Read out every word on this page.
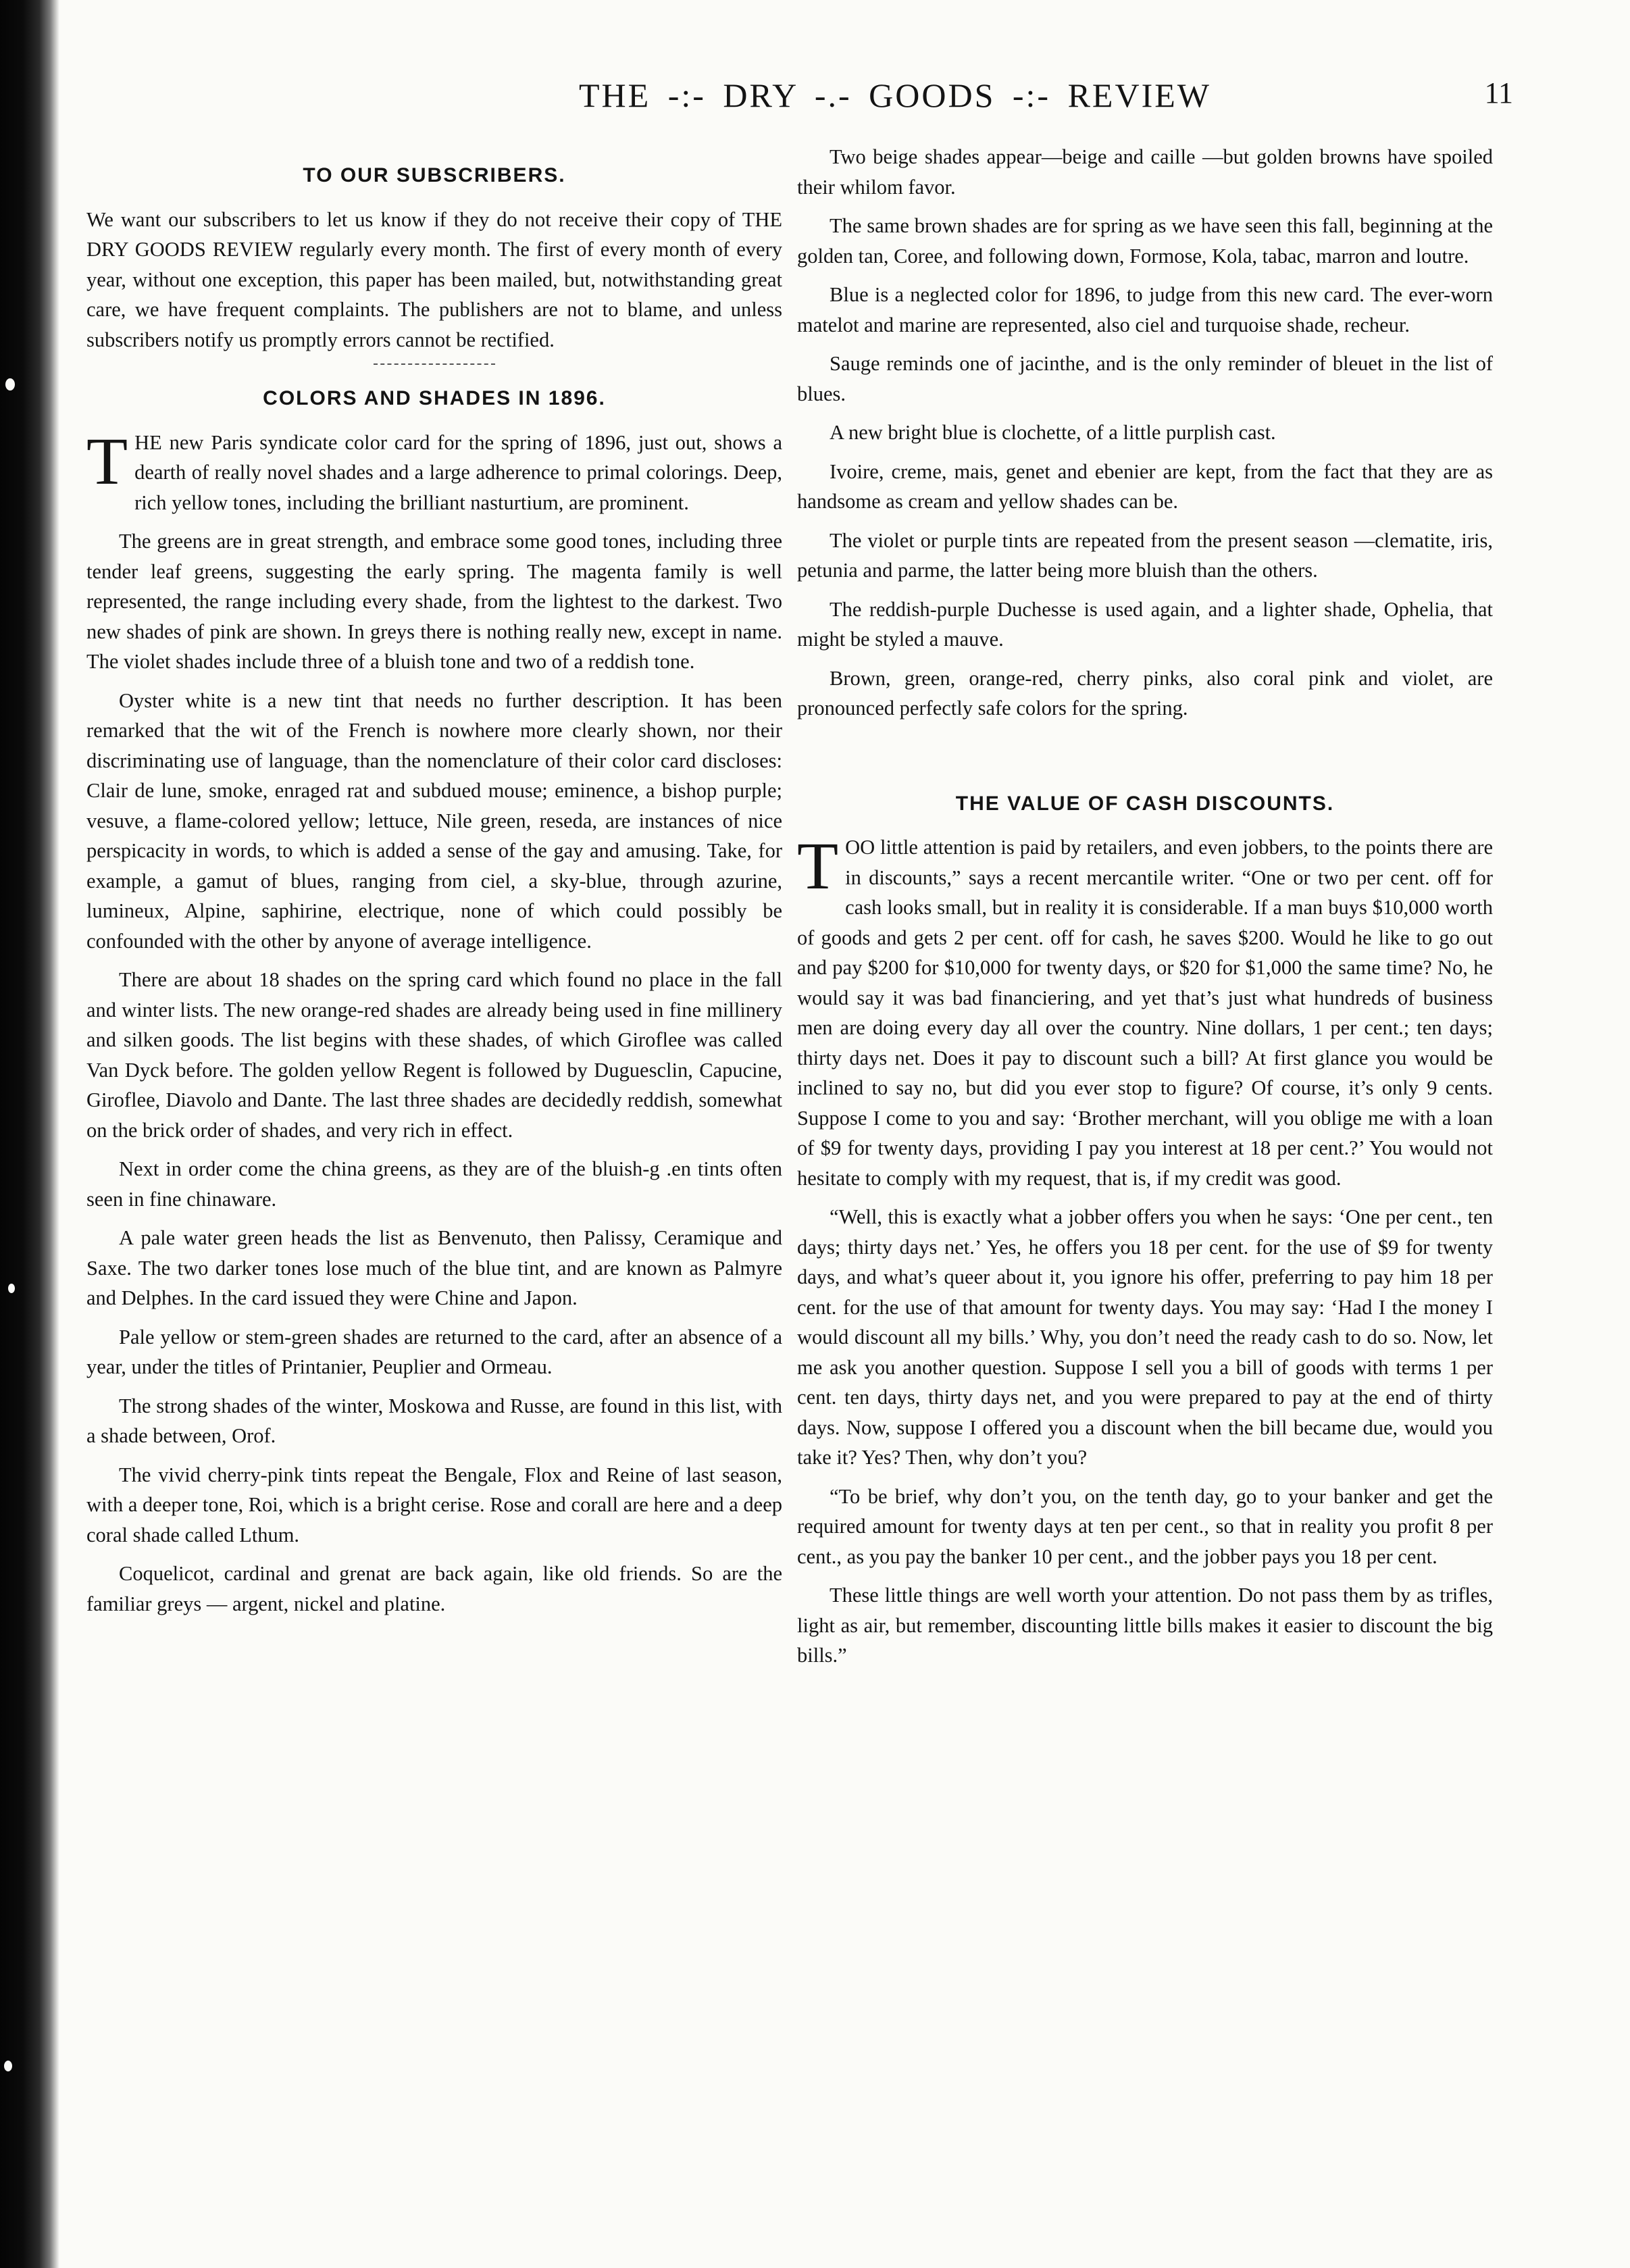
THE -:- DRY -.- GOODS -:- REVIEW	11
TO OUR SUBSCRIBERS.

We want our subscribers to let us know if they do not receive their copy of THE DRY GOODS REVIEW regularly every month. The first of every month of every year, without one exception, this paper has been mailed, but, notwithstanding great care, we have frequent complaints. The publishers are not to blame, and unless subscribers notify us promptly errors cannot be rectified.

COLORS AND SHADES IN 1896.

THE new Paris syndicate color card for the spring of 1896, just out, shows a dearth of really novel shades and a large adherence to primal colorings. Deep, rich yellow tones, including the brilliant nasturtium, are prominent.

The greens are in great strength, and embrace some good tones, including three tender leaf greens, suggesting the early spring. The magenta family is well represented, the range including every shade, from the lightest to the darkest. Two new shades of pink are shown. In greys there is nothing really new, except in name. The violet shades include three of a bluish tone and two of a reddish tone.

Oyster white is a new tint that needs no further description. It has been remarked that the wit of the French is nowhere more clearly shown, nor their discriminating use of language, than the nomenclature of their color card discloses: Clair de lune, smoke, enraged rat and subdued mouse; eminence, a bishop purple; vesuve, a flame-colored yellow; lettuce, Nile green, reseda, are instances of nice perspicacity in words, to which is added a sense of the gay and amusing. Take, for example, a gamut of blues, ranging from ciel, a sky-blue, through azurine, lumineux, Alpine, saphirine, electrique, none of which could possibly be confounded with the other by anyone of average intelligence.

There are about 18 shades on the spring card which found no place in the fall and winter lists. The new orange-red shades are already being used in fine millinery and silken goods. The list begins with these shades, of which Giroflee was called Van Dyck before. The golden yellow Regent is followed by Duguesclin, Capucine, Giroflee, Diavolo and Dante. The last three shades are decidedly reddish, somewhat on the brick order of shades, and very rich in effect.

Next in order come the china greens, as they are of the bluish-g .en tints often seen in fine chinaware.

A pale water green heads the list as Benvenuto, then Palissy, Ceramique and Saxe. The two darker tones lose much of the blue tint, and are known as Palmyre and Delphes. In the card issued they were Chine and Japon.

Pale yellow or stem-green shades are returned to the card, after an absence of a year, under the titles of Printanier, Peuplier and Ormeau.

The strong shades of the winter, Moskowa and Russe, are found in this list, with a shade between, Orof.

The vivid cherry-pink tints repeat the Bengale, Flox and Reine of last season, with a deeper tone, Roi, which is a bright cerise. Rose and corall are here and a deep coral shade called Lthum.

Coquelicot, cardinal and grenat are back again, like old friends. So are the familiar greys — argent, nickel and platine.

Two beige shades appear—beige and caille —but golden browns have spoiled their whilom favor.

The same brown shades are for spring as we have seen this fall, beginning at the golden tan, Coree, and following down, Formose, Kola, tabac, marron and loutre.

Blue is a neglected color for 1896, to judge from this new card. The ever-worn matelot and marine are represented, also ciel and turquoise shade, recheur.

Sauge reminds one of jacinthe, and is the only reminder of bleuet in the list of blues.

A new bright blue is clochette, of a little purplish cast.

Ivoire, creme, mais, genet and ebenier are kept, from the fact that they are as handsome as cream and yellow shades can be.

The violet or purple tints are repeated from the present season —clematite, iris, petunia and parme, the latter being more bluish than the others.

The reddish-purple Duchesse is used again, and a lighter shade, Ophelia, that might be styled a mauve.

Brown, green, orange-red, cherry pinks, also coral pink and violet, are pronounced perfectly safe colors for the spring.

THE VALUE OF CASH DISCOUNTS.

TOO little attention is paid by retailers, and even jobbers, to the points there are in discounts,” says a recent mercantile writer. “One or two per cent. off for cash looks small, but in reality it is considerable. If a man buys $10,000 worth of goods and gets 2 per cent. off for cash, he saves $200. Would he like to go out and pay $200 for $10,000 for twenty days, or $20 for $1,000 the same time? No, he would say it was bad financiering, and yet that’s just what hundreds of business men are doing every day all over the country. Nine dollars, 1 per cent.; ten days; thirty days net. Does it pay to discount such a bill? At first glance you would be inclined to say no, but did you ever stop to figure? Of course, it’s only 9 cents. Suppose I come to you and say: ‘Brother merchant, will you oblige me with a loan of $9 for twenty days, providing I pay you interest at 18 per cent.?’ You would not hesitate to comply with my request, that is, if my credit was good.

“Well, this is exactly what a jobber offers you when he says: ‘One per cent., ten days; thirty days net.’ Yes, he offers you 18 per cent. for the use of $9 for twenty days, and what’s queer about it, you ignore his offer, preferring to pay him 18 per cent. for the use of that amount for twenty days. You may say: ‘Had I the money I would discount all my bills.’ Why, you don’t need the ready cash to do so. Now, let me ask you another question. Suppose I sell you a bill of goods with terms 1 per cent. ten days, thirty days net, and you were prepared to pay at the end of thirty days. Now, suppose I offered you a discount when the bill became due, would you take it? Yes? Then, why don’t you?

“To be brief, why don’t you, on the tenth day, go to your banker and get the required amount for twenty days at ten per cent., so that in reality you profit 8 per cent., as you pay the banker 10 per cent., and the jobber pays you 18 per cent.

These little things are well worth your attention. Do not pass them by as trifles, light as air, but remember, discounting little bills makes it easier to discount the big bills.”
